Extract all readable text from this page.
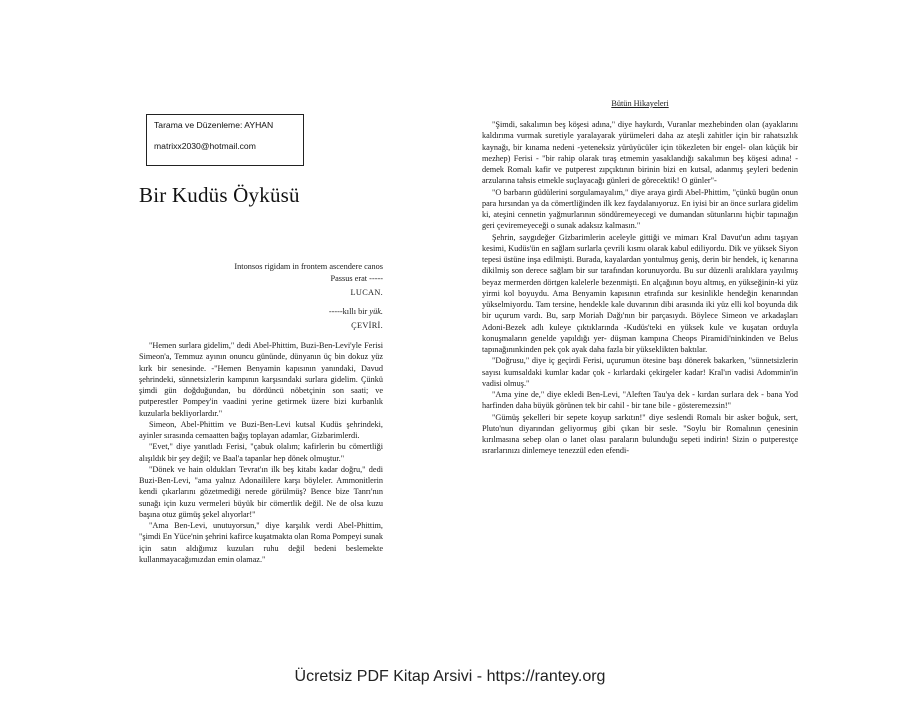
Tarama ve Düzenleme: AYHAN
matrixx2030@hotmail.com
Bir Kudüs Öyküsü
Intonsos rigidam in frontem ascendere canos
Passus erat -----
LUCAN.
-----kıllı bir yük.
ÇEVİRİ.

"Hemen surlara gidelim," dedi Abel-Phittim, Buzi-Ben-Levi'yle Ferisi Simeon'a, Temmuz ayının onuncu gününde, dünyanın üç bin dokuz yüz kırk bir senesinde. -"Hemen Benyamin kapısının yanındaki, Davud şehrindeki, sünnetsizlerin kampının karşısındaki surlara gidelim. Çünkü şimdi gün doğduğundan, bu dördüncü nöbetçinin son saati; ve putperestler Pompey'in vaadini yerine getirmek üzere bizi kurbanlık kuzularla bekliyorlardır."

Simeon, Abel-Phittim ve Buzi-Ben-Levi kutsal Kudüs şehrindeki, ayinler sırasında cemaatten bağış toplayan adamlar, Gizbarimlerdi.

"Evet," diye yanıtladı Ferisi, "çabuk olalım; kafirlerin bu cömertliği alışıldık bir şey değil; ve Baal'a tapanlar hep dönek olmuştur."

"Dönek ve hain oldukları Tevrat'ın ilk beş kitabı kadar doğru," dedi Buzi-Ben-Levi, "ama yalnız Adonaililere karşı böyleler. Ammonitlerin kendi çıkarlarını gözetmediği nerede görülmüş? Bence bize Tanrı'nın sunağı için kuzu vermeleri büyük bir cömertlik değil. Ne de olsa kuzu başına otuz gümüş şekel alıyorlar!"

"Ama Ben-Levi, unutuyorsun," diye karşılık verdi Abel-Phittim, "şimdi En Yüce'nin şehrini kafirce kuşatmakta olan Roma Pompeyi sunak için satın aldığımız kuzuları ruhu değil bedeni beslemekte kullanmayacağımızdan emin olamaz."

Bütün Hikayeleri

"Şimdi, sakalımın beş köşesi adına," diye haykırdı, Vuranlar mezhebinden olan (ayaklarını kaldırıma vurmak suretiyle yaralayarak yürümeleri daha az ateşli zahitler için bir rahatsızlık kaynağı, bir kınama nedeni -yeteneksiz yürüyücüler için tökezleten bir engel- olan küçük bir mezhep) Ferisi - "bir rahip olarak tıraş etmemin yasaklandığı sakalımın beş köşesi adına! - demek Romalı kafir ve putperest zıpçıktının birinin bizi en kutsal, adanmış şeyleri bedenin arzularına tahsis etmekle suçlayacağı günleri de görecektik! O günler"-

"O barbarın güdülerini sorgulamayalım," diye araya girdi Abel-Phittim, "çünkü bugün onun para hırsından ya da cömertliğinden ilk kez faydalanıyoruz. En iyisi bir an önce surlara gidelim ki, ateşini cennetin yağmurlarının söndüremeyecegi ve dumandan sütunlarını hiçbir tapınağın geri çeviremeyeceği o sunak adaksız kalmasın."

Şehrin, saygıdeğer Gizbarimlerin aceleyle gittiği ve mimarı Kral Davut'un adını taşıyan kesimi, Kudüs'ün en sağlam surlarla çevrili kısmı olarak kabul ediliyordu. Dik ve yüksek Siyon tepesi üstüne inşa edilmişti. Burada, kayalardan yontulmuş geniş, derin bir hendek, iç kenarına dikilmiş son derece sağlam bir sur tarafından korunuyordu. Bu sur düzenli aralıklara yayılmış beyaz mermerden dörtgen kalelerle bezenmişti. En alçağının boyu altmış, en yükseğinin-ki yüz yirmi kol boyuydu. Ama Benyamin kapısının etrafında sur kesinlikle hendeğin kenarından yükselmiyordu. Tam tersine, hendekle kale duvarının dibi arasında iki yüz elli kol boyunda dik bir uçurum vardı. Bu, sarp Moriah Dağı'nın bir parçasıydı. Böylece Simeon ve arkadaşları Adoni-Bezek adlı kuleye çıktıklarında -Kudüs'teki en yüksek kule ve kuşatan orduyla konuşmaların genelde yapıldığı yer- düşman kampına Cheops Piramidi'ninkinden ve Belus tapınağınınkinden pek çok ayak daha fazla bir yükseklikten baktılar.

"Doğrusu," diye iç geçirdi Ferisi, uçurumun ötesine başı dönerek bakarken, "sünnetsizlerin sayısı kumsaldaki kumlar kadar çok - kırlardaki çekirgeler kadar! Kral'ın vadisi Adommin'in vadisi olmuş."

"Ama yine de," diye ekledi Ben-Levi, "Aleften Tau'ya dek - kırdan surlara dek - bana Yod harfinden daha büyük görünen tek bir cahil - bir tane bile - gösteremezsin!"

"Gümüş şekelleri bir sepete koyup sarkıtın!" diye seslendi Romalı bir asker boğuk, sert, Pluto'nun diyarından geliyormuş gibi çıkan bir sesle. "Soylu bir Romalının çenesinin kırılmasına sebep olan o lanet olası paraların bulunduğu sepeti indirin! Sizin o putperestçe ısrarlarınızı dinlemeye tenezzül eden efendi-

Ücretsiz PDF Kitap Arsivi - https://rantey.org
